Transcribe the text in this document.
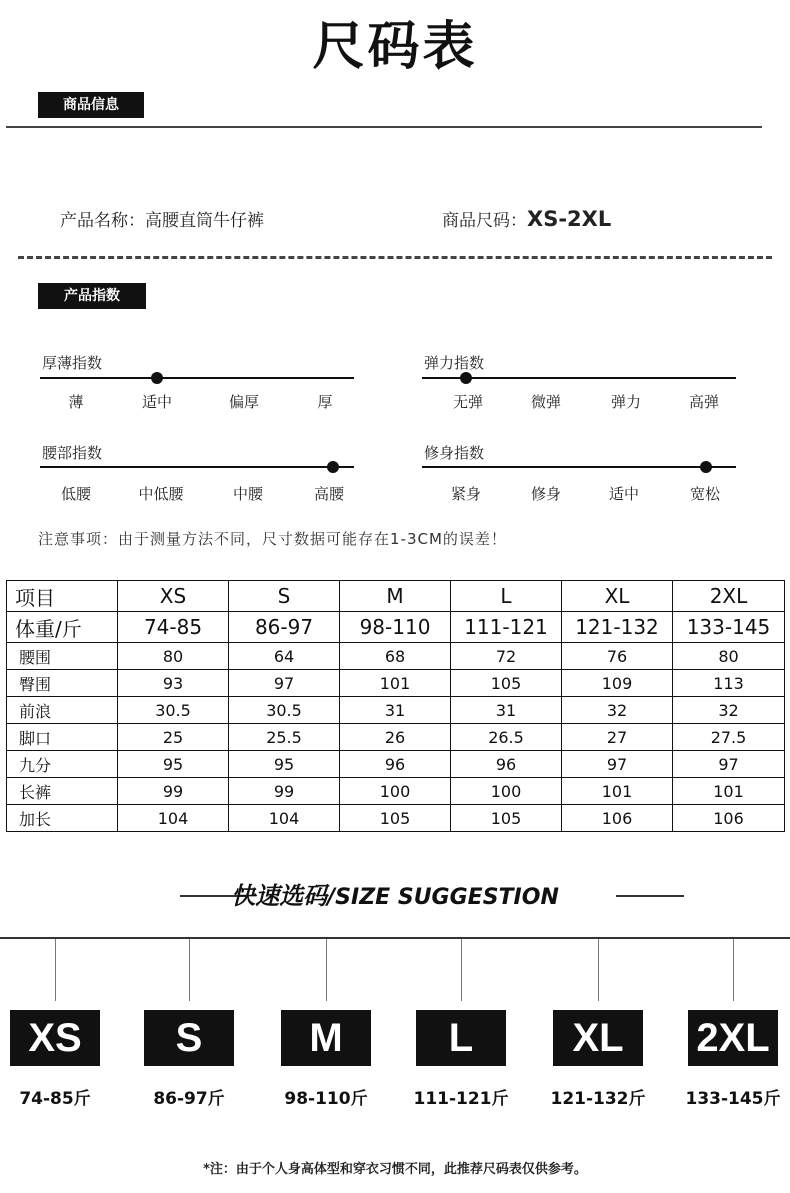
尺码表
商品信息
产品名称：高腰直筒牛仔裤	商品尺码：XS-2XL
产品指数
厚薄指数
薄	适中	偏厚	厚
弹力指数
无弹	微弹	弹力	高弹
腰部指数
低腰	中低腰	中腰	高腰
修身指数
紧身	修身	适中	宽松
注意事项：由于测量方法不同，尺寸数据可能存在1-3CM的误差！
项目	XS	S	M	L	XL	2XL
体重/斤	74-85	86-97	98-110	111-121	121-132	133-145
腰围	80	64	68	72	76	80
臀围	93	97	101	105	109	113
前浪	30.5	30.5	31	31	32	32
脚口	25	25.5	26	26.5	27	27.5
九分	95	95	96	96	97	97
长裤	99	99	100	100	101	101
加长	104	104	105	105	106	106
快速选码/SIZE SUGGESTION
XS	S	M	L	XL	2XL
74-85斤	86-97斤	98-110斤	111-121斤	121-132斤	133-145斤
*注：由于个人身高体型和穿衣习惯不同，此推荐尺码表仅供参考。
